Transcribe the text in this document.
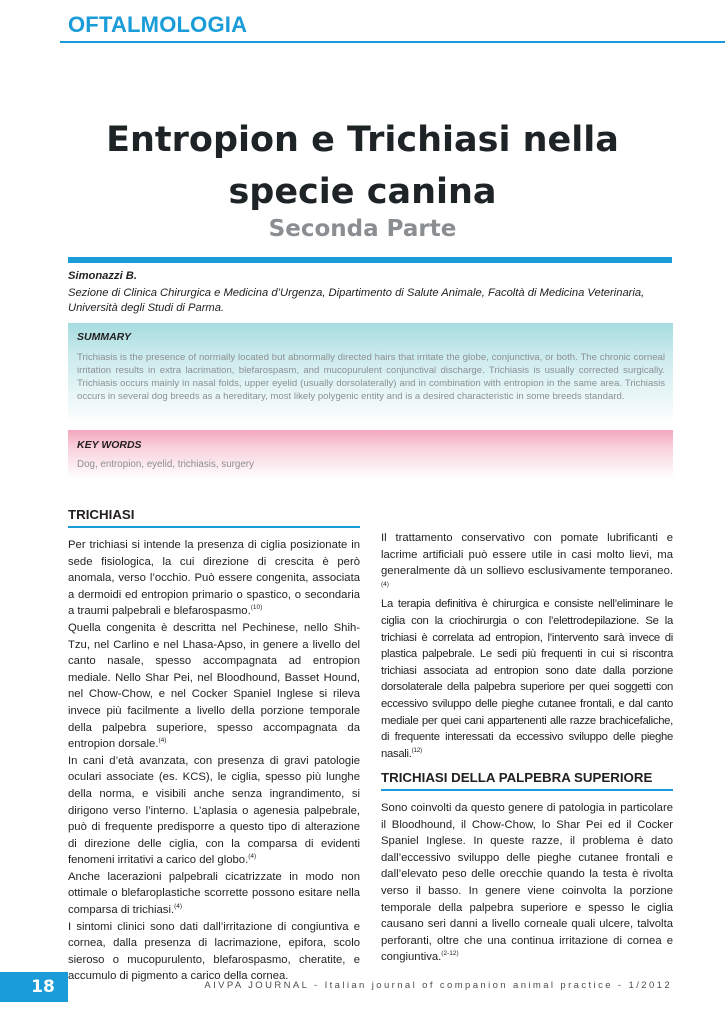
OFTALMOLOGIA
Entropion e Trichiasi nella
specie canina
Seconda Parte
Simonazzi B.
Sezione di Clinica Chirurgica e Medicina d’Urgenza, Dipartimento di Salute Animale, Facoltà di Medicina Veterinaria, Università degli Studi di Parma.
SUMMARY
Trichiasis is the presence of normally located but abnormally directed hairs that irritate the globe, conjunctiva, or both. The chronic corneal irritation results in extra lacrimation, blefarospasm, and mucopurulent conjunctival discharge. Trichiasis is usually corrected surgically. Trichiasis occurs mainly in nasal folds, upper eyelid (usually dorsolaterally) and in combination with entropion in the same area. Trichiasis occurs in several dog breeds as a hereditary, most likely polygenic entity and is a desired characteristic in some breeds standard.
KEY WORDS
Dog, entropion, eyelid, trichiasis, surgery
TRICHIASI

Per trichiasi si intende la presenza di ciglia posizionate in sede fisiologica, la cui direzione di crescita è però anomala, verso l’occhio. Può essere congenita, associata a dermoidi ed entropion primario o spastico, o secondaria a traumi palpebrali e blefarospasmo.$^{(10)}$

Quella congenita è descritta nel Pechinese, nello Shih-Tzu, nel Carlino e nel Lhasa-Apso, in genere a livello del canto nasale, spesso accompagnata ad entropion mediale. Nello Shar Pei, nel Bloodhound, Basset Hound, nel Chow-Chow, e nel Cocker Spaniel Inglese si rileva invece più facilmente a livello della porzione temporale della palpebra superiore, spesso accompagnata da entropion dorsale.$^{(4)}$

In cani d’età avanzata, con presenza di gravi patologie oculari associate (es. KCS), le ciglia, spesso più lunghe della norma, e visibili anche senza ingrandimento, si dirigono verso l’interno. L’aplasia o agenesia palpebrale, può di frequente predisporre a questo tipo di alterazione di direzione delle ciglia, con la comparsa di evidenti fenomeni irritativi a carico del globo.$^{(4)}$

Anche lacerazioni palpebrali cicatrizzate in modo non ottimale o blefaroplastiche scorrette possono esitare nella comparsa di trichiasi.$^{(4)}$

I sintomi clinici sono dati dall’irritazione di congiuntiva e cornea, dalla presenza di lacrimazione, epifora, scolo sieroso o mucopurulento, blefarospasmo, cheratite, e accumulo di pigmento a carico della cornea.

Il trattamento conservativo con pomate lubrificanti e lacrime artificiali può essere utile in casi molto lievi, ma generalmente dà un sollievo esclusivamente temporaneo.$^{(4)}$

La terapia definitiva è chirurgica e consiste nell’eliminare le ciglia con la criochirurgia o con l’elettrodepilazione. Se la trichiasi è correlata ad entropion, l’intervento sarà invece di plastica palpebrale. Le sedi più frequenti in cui si riscontra trichiasi associata ad entropion sono date dalla porzione dorsolaterale della palpebra superiore per quei soggetti con eccessivo sviluppo delle pieghe cutanee frontali, e dal canto mediale per quei cani appartenenti alle razze brachicefaliche, di frequente interessati da eccessivo sviluppo delle pieghe nasali.$^{(12)}$

TRICHIASI DELLA PALPEBRA SUPERIORE

Sono coinvolti da questo genere di patologia in particolare il Bloodhound, il Chow-Chow, lo Shar Pei ed il Cocker Spaniel Inglese. In queste razze, il problema è dato dall’eccessivo sviluppo delle pieghe cutanee frontali e dall’elevato peso delle orecchie quando la testa è rivolta verso il basso. In genere viene coinvolta la porzione temporale della palpebra superiore e spesso le ciglia causano seri danni a livello corneale quali ulcere, talvolta perforanti, oltre che una continua irritazione di cornea e congiuntiva.$^{(2-12)}$

18	AIVPA JOURNAL - Italian journal of companion animal practice - 1/2012
